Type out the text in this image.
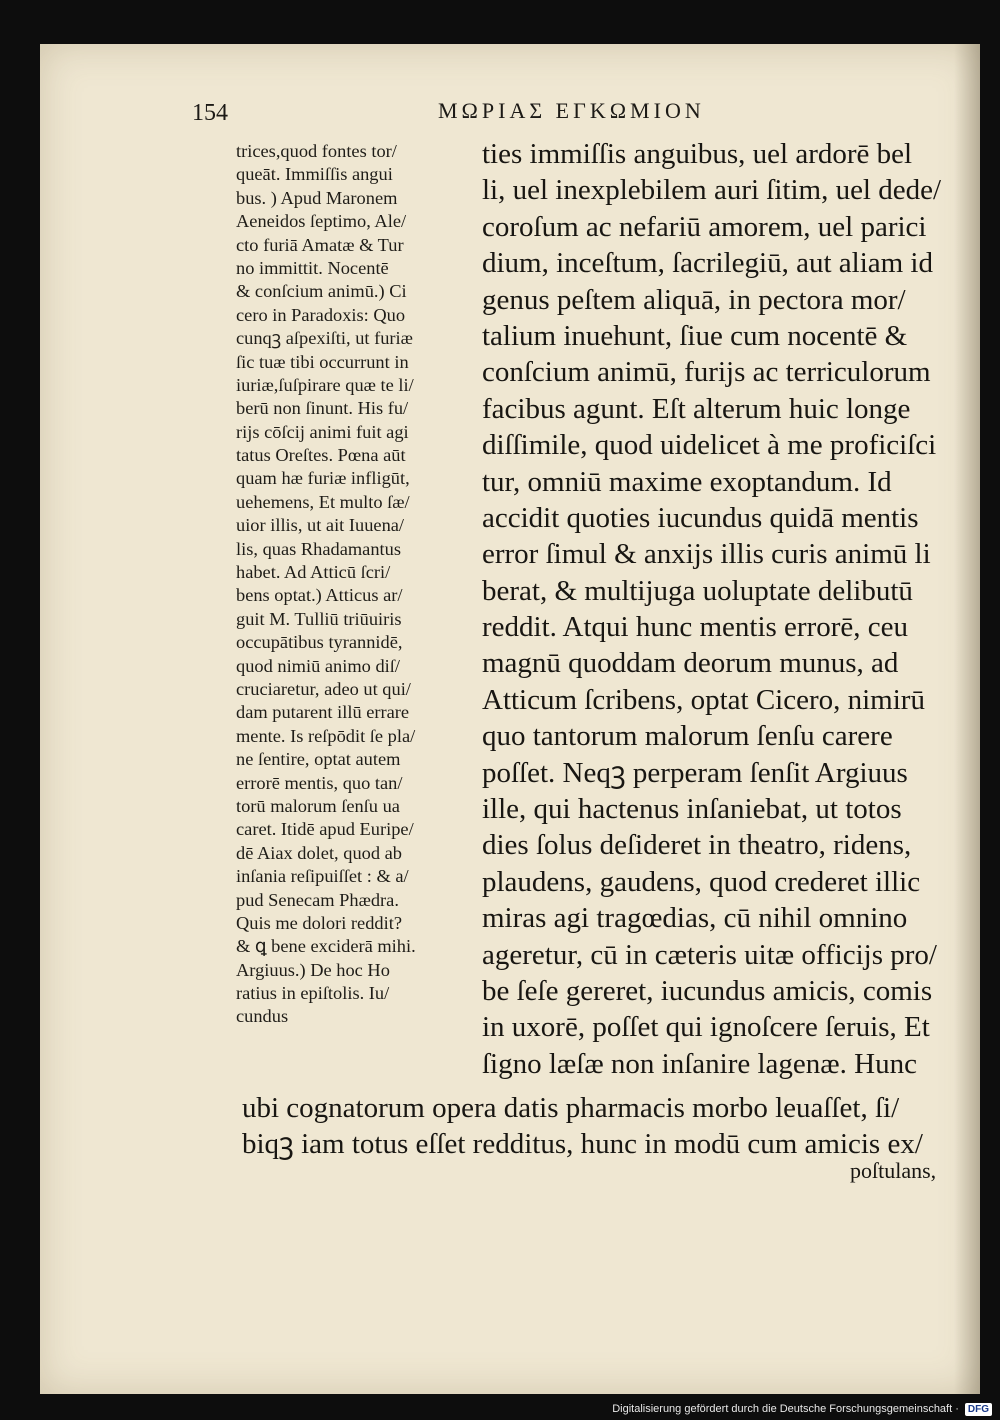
154	ΜΩΡΙΑΣ ΕΓΚΩΜΙΟΝ
trices,quod fontes tor/
queāt. Immiſſis angui
bus. ) Apud Maronem
Aeneidos ſeptimo, Ale/
cto furiā Amatæ & Tur
no immittit. Nocentē
& conſcium animū.) Ci
cero in Paradoxis: Quo
cunqꝫ aſpexiſti, ut furiæ
ſic tuæ tibi occurrunt in
iuriæ,ſuſpirare quæ te li/
berū non ſinunt. His fu/
rijs cōſcij animi fuit agi
tatus Oreſtes. Pœna aūt
quam hæ furiæ infligūt,
uehemens, Et multo ſæ/
uior illis, ut ait Iuuena/
lis, quas Rhadamantus
habet. Ad Atticū ſcri/
bens optat.) Atticus ar/
guit M. Tulliū triūuiris
occupātibus tyrannidē,
quod nimiū animo diſ/
cruciaretur, adeo ut qui/
dam putarent illū errare
mente. Is reſpōdit ſe pla/
ne ſentire, optat autem
errorē mentis, quo tan/
torū malorum ſenſu ua
caret. Itidē apud Euripe/
dē Aiax dolet, quod ab
inſania reſipuiſſet : & a/
pud Senecam Phædra.
Quis me dolori reddit?
& ꝗ bene exciderā mihi.
Argiuus.) De hoc Ho
ratius in epiſtolis. Iu/
cundus
ties immiſſis anguibus, uel ardorē bel
li, uel inexplebilem auri ſitim, uel dede/
coroſum ac nefariū amorem, uel parici
dium, inceſtum, ſacrilegiū, aut aliam id
genus peſtem aliquā, in pectora mor/
talium inuehunt, ſiue cum nocentē &
conſcium animū, furijs ac terriculorum
facibus agunt. Eſt alterum huic longe
diſſimile, quod uidelicet à me proficiſci
tur, omniū maxime exoptandum. Id
accidit quoties iucundus quidā mentis
error ſimul & anxijs illis curis animū li
berat, & multijuga uoluptate delibutū
reddit. Atqui hunc mentis errorē, ceu
magnū quoddam deorum munus, ad
Atticum ſcribens, optat Cicero, nimirū
quo tantorum malorum ſenſu carere
poſſet. Neqꝫ perperam ſenſit Argiuus
ille, qui hactenus inſaniebat, ut totos
dies ſolus deſideret in theatro, ridens,
plaudens, gaudens, quod crederet illic
miras agi tragœdias, cū nihil omnino
ageretur, cū in cæteris uitæ officijs pro/
be ſeſe gereret, iucundus amicis, comis
in uxorē, poſſet qui ignoſcere ſeruis, Et
ſigno læſæ non inſanire lagenæ. Hunc
ubi cognatorum opera datis pharmacis morbo leuaſſet, ſi/
biqꝫ iam totus eſſet redditus, hunc in modū cum amicis ex/
poſtulans,
Digitalisierung gefördert durch die Deutsche Forschungsgemeinschaft · DFG
